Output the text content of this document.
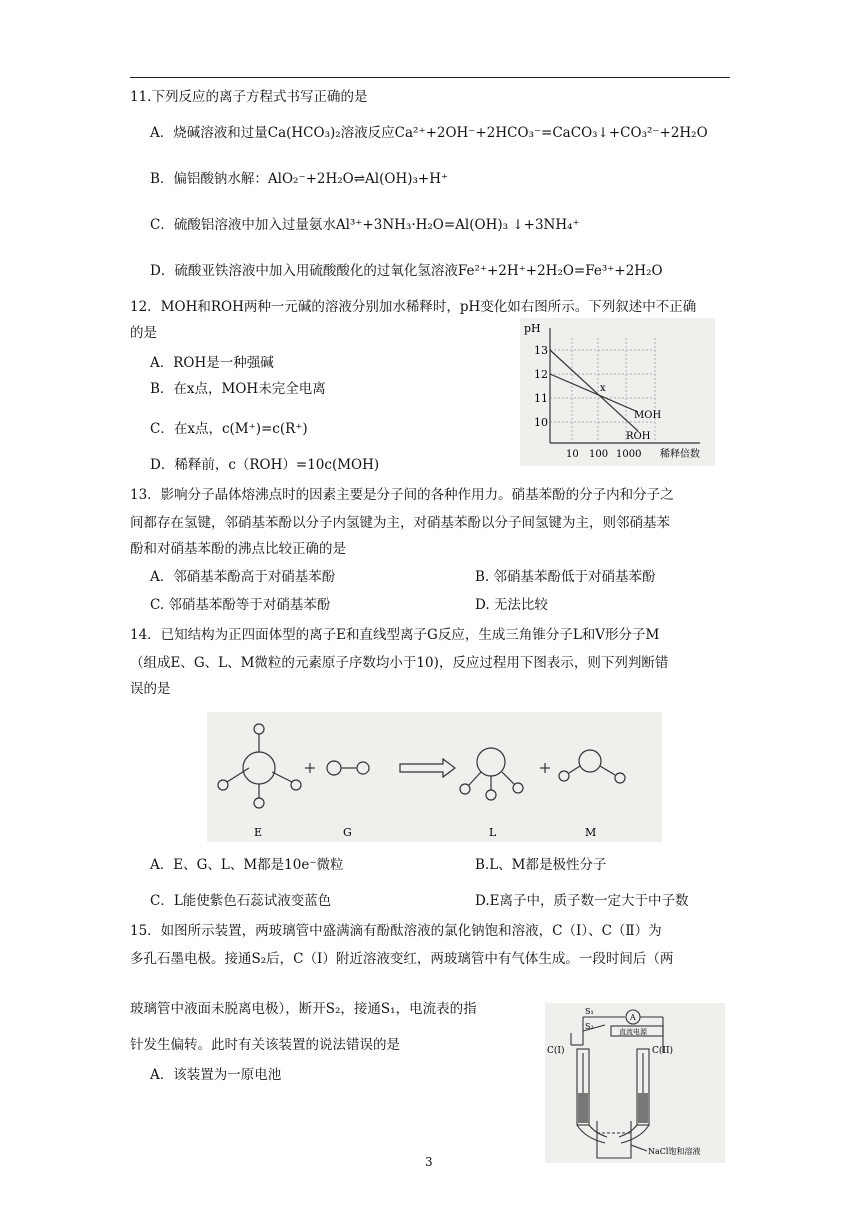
11.下列反应的离子方程式书写正确的是
A．烧碱溶液和过量Ca(HCO₃)₂溶液反应Ca²⁺+2OH⁻+2HCO₃⁻=CaCO₃↓+CO₃²⁻+2H₂O
B．偏铝酸钠水解：AlO₂⁻+2H₂O⇌Al(OH)₃+H⁺
C．硫酸铝溶液中加入过量氨水Al³⁺+3NH₃·H₂O=Al(OH)₃ ↓+3NH₄⁺
D．硫酸亚铁溶液中加入用硫酸酸化的过氧化氢溶液Fe²⁺+2H⁺+2H₂O=Fe³⁺+2H₂O
12．MOH和ROH两种一元碱的溶液分别加水稀释时，pH变化如右图所示。下列叙述中不正确
的是
A．ROH是一种强碱
B．在x点，MOH未完全电离
C．在x点，c(M⁺)=c(R⁺)
D．稀释前，c（ROH）=10c(MOH)
pH
13
12
11
10
10 100 1000 稀释倍数
x
MOH
ROH
13．影响分子晶体熔沸点时的因素主要是分子间的各种作用力。硝基苯酚的分子内和分子之
间都存在氢键，邻硝基苯酚以分子内氢键为主，对硝基苯酚以分子间氢键为主，则邻硝基苯
酚和对硝基苯酚的沸点比较正确的是
A．邻硝基苯酚高于对硝基苯酚	B. 邻硝基苯酚低于对硝基苯酚
C. 邻硝基苯酚等于对硝基苯酚	D. 无法比较
14．已知结构为正四面体型的离子E和直线型离子G反应，生成三角锥分子L和V形分子M
（组成E、G、L、M微粒的元素原子序数均小于10)，反应过程用下图表示，则下列判断错
误的是
E	G	L	M
A．E、G、L、M都是10e⁻微粒	B.L、M都是极性分子
C．L能使紫色石蕊试液变蓝色	D.E离子中，质子数一定大于中子数
15．如图所示装置，两玻璃管中盛满滴有酚酞溶液的氯化钠饱和溶液，C（Ⅰ）、C（Ⅱ）为
多孔石墨电极。接通S₂后，C（Ⅰ）附近溶液变红，两玻璃管中有气体生成。一段时间后（两
玻璃管中液面未脱离电极），断开S₂，接通S₁，电流表的指
针发生偏转。此时有关该装置的说法错误的是
A．该装置为一原电池
S₁
S₂
A
直流电源
C(I)	C(II)
NaCl饱和溶液
3
